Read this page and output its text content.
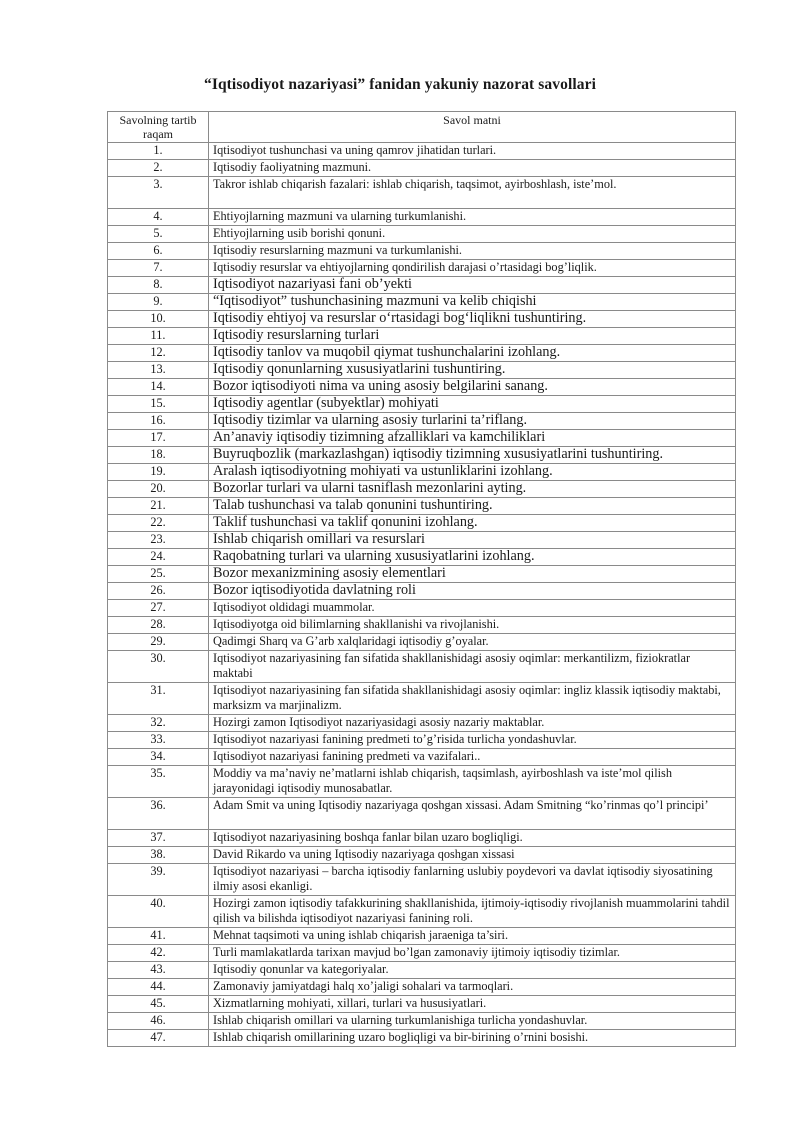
“Iqtisodiyot nazariyasi” fanidan yakuniy nazorat savollari
Savolning tartib raqam	Savol matni
1.	Iqtisodiyot tushunchasi va uning qamrov jihatidan turlari.
2.	Iqtisodiy faoliyatning mazmuni.
3.	Takror ishlab chiqarish fazalari: ishlab chiqarish, taqsimot, ayirboshlash, iste’mol.
4.	Ehtiyojlarning mazmuni va ularning turkumlanishi.
5.	Ehtiyojlarning usib borishi qonuni.
6.	Iqtisodiy resurslarning mazmuni va turkumlanishi.
7.	Iqtisodiy resurslar va ehtiyojlarning qondirilish darajasi o’rtasidagi bog’liqlik.
8.	Iqtisodiyot nazariyasi fani ob’yekti
9.	“Iqtisodiyot” tushunchasining mazmuni va kelib chiqishi
10.	Iqtisodiy ehtiyoj va resurslar o‘rtasidagi bog‘liqlikni tushuntiring.
11.	Iqtisodiy resurslarning turlari
12.	Iqtisodiy tanlov va muqobil qiymat tushunchalarini izohlang.
13.	Iqtisodiy qonunlarning xususiyatlarini tushuntiring.
14.	Bozor iqtisodiyoti nima va uning asosiy belgilarini sanang.
15.	Iqtisodiy agentlar (subyektlar) mohiyati
16.	Iqtisodiy tizimlar va ularning asosiy turlarini ta’riflang.
17.	An’anaviy iqtisodiy tizimning afzalliklari va kamchiliklari
18.	Buyruqbozlik (markazlashgan) iqtisodiy tizimning xususiyatlarini tushuntiring.
19.	Aralash iqtisodiyotning mohiyati va ustunliklarini izohlang.
20.	Bozorlar turlari va ularni tasniflash mezonlarini ayting.
21.	Talab tushunchasi va talab qonunini tushuntiring.
22.	Taklif tushunchasi va taklif qonunini izohlang.
23.	Ishlab chiqarish omillari va resurslari
24.	Raqobatning turlari va ularning xususiyatlarini izohlang.
25.	Bozor mexanizmining asosiy elementlari
26.	Bozor iqtisodiyotida davlatning roli
27.	Iqtisodiyot oldidagi muammolar.
28.	Iqtisodiyotga oid bilimlarning shakllanishi va rivojlanishi.
29.	Qadimgi Sharq va G’arb xalqlaridagi iqtisodiy g’oyalar.
30.	Iqtisodiyot nazariyasining fan sifatida shakllanishidagi asosiy oqimlar: merkantilizm, fiziokratlar maktabi
31.	Iqtisodiyot nazariyasining fan sifatida shakllanishidagi asosiy oqimlar: ingliz klassik iqtisodiy maktabi, marksizm va marjinalizm.
32.	Hozirgi zamon Iqtisodiyot nazariyasidagi asosiy nazariy maktablar.
33.	Iqtisodiyot nazariyasi fanining predmeti to’g’risida turlicha yondashuvlar.
34.	Iqtisodiyot nazariyasi fanining predmeti va vazifalari..
35.	Moddiy va ma’naviy ne’matlarni ishlab chiqarish, taqsimlash, ayirboshlash va iste’mol qilish jarayonidagi iqtisodiy munosabatlar.
36.	Adam Smit va uning Iqtisodiy nazariyaga qoshgan xissasi. Adam Smitning “ko’rinmas qo’l principi’
37.	Iqtisodiyot nazariyasining boshqa fanlar bilan uzaro bogliqligi.
38.	David Rikardo va uning Iqtisodiy nazariyaga qoshgan xissasi
39.	Iqtisodiyot nazariyasi – barcha iqtisodiy fanlarning uslubiy poydevori va davlat iqtisodiy siyosatining ilmiy asosi ekanligi.
40.	Hozirgi zamon iqtisodiy tafakkurining shakllanishida, ijtimoiy-iqtisodiy rivojlanish muammolarini tahdil qilish va bilishda iqtisodiyot nazariyasi fanining roli.
41.	Mehnat taqsimoti va uning ishlab chiqarish jaraeniga ta’siri.
42.	Turli mamlakatlarda tarixan mavjud bo’lgan zamonaviy ijtimoiy iqtisodiy tizimlar.
43.	Iqtisodiy qonunlar va kategoriyalar.
44.	Zamonaviy jamiyatdagi halq xo’jaligi sohalari va tarmoqlari.
45.	Xizmatlarning mohiyati, xillari, turlari va hususiyatlari.
46.	Ishlab chiqarish omillari va ularning turkumlanishiga turlicha yondashuvlar.
47.	Ishlab chiqarish omillarining uzaro bogliqligi va bir-birining o’rnini bosishi.
